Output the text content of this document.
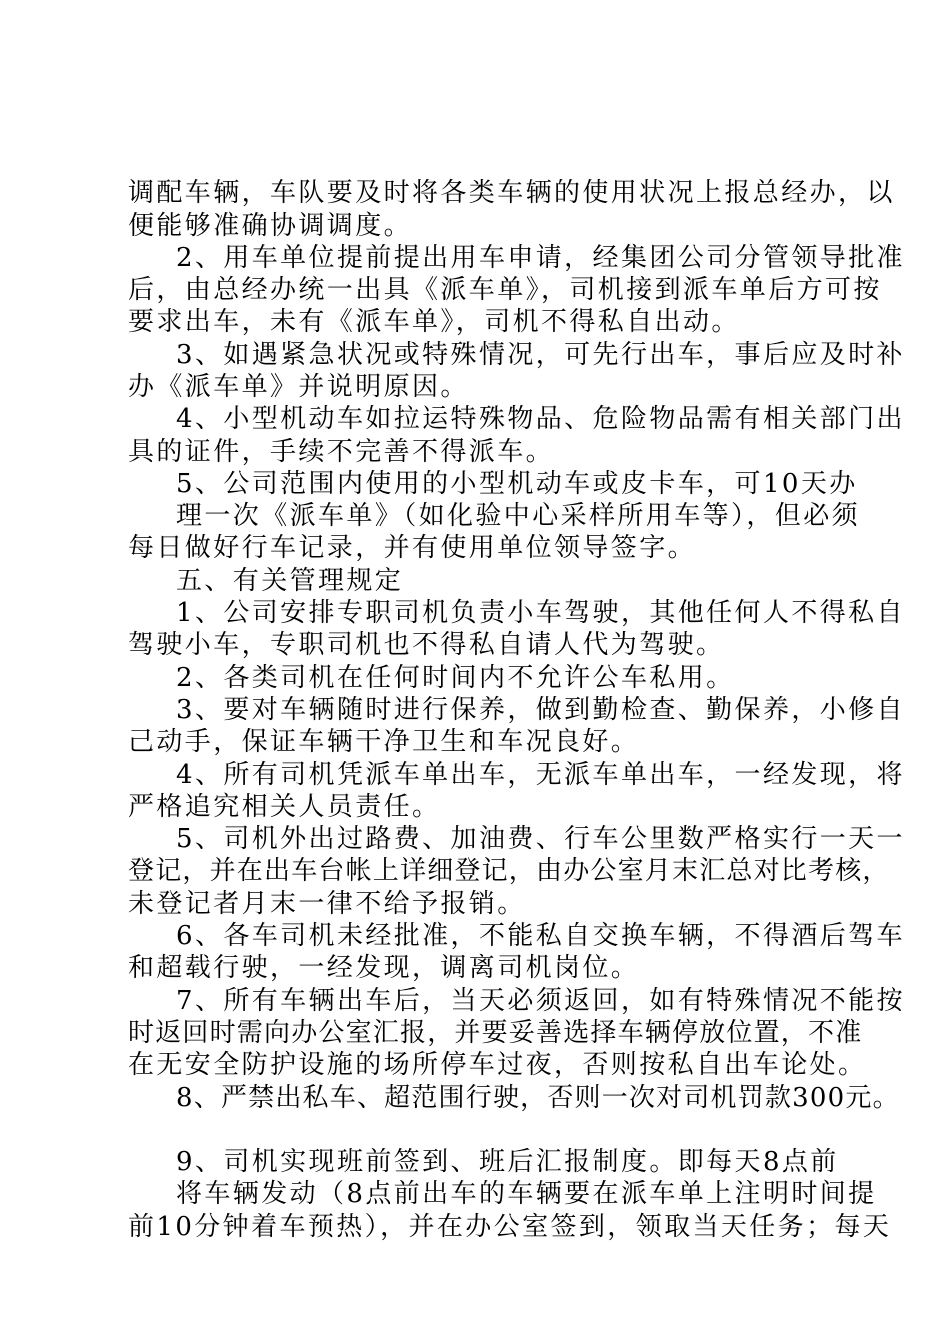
调配车辆，车队要及时将各类车辆的使用状况上报总经办，以
便能够准确协调调度。
2、用车单位提前提出用车申请，经集团公司分管领导批准
后，由总经办统一出具《派车单》，司机接到派车单后方可按
要求出车，未有《派车单》，司机不得私自出动。
3、如遇紧急状况或特殊情况，可先行出车，事后应及时补
办《派车单》并说明原因。
4、小型机动车如拉运特殊物品、危险物品需有相关部门出
具的证件，手续不完善不得派车。
5、公司范围内使用的小型机动车或皮卡车，可10天办
理一次《派车单》（如化验中心采样所用车等），但必须
每日做好行车记录，并有使用单位领导签字。
五、有关管理规定
1、公司安排专职司机负责小车驾驶，其他任何人不得私自
驾驶小车，专职司机也不得私自请人代为驾驶。
2、各类司机在任何时间内不允许公车私用。
3、要对车辆随时进行保养，做到勤检查、勤保养，小修自
己动手，保证车辆干净卫生和车况良好。
4、所有司机凭派车单出车，无派车单出车，一经发现，将
严格追究相关人员责任。
5、司机外出过路费、加油费、行车公里数严格实行一天一
登记，并在出车台帐上详细登记，由办公室月末汇总对比考核，
未登记者月末一律不给予报销。
6、各车司机未经批准，不能私自交换车辆，不得酒后驾车
和超载行驶，一经发现，调离司机岗位。
7、所有车辆出车后，当天必须返回，如有特殊情况不能按
时返回时需向办公室汇报，并要妥善选择车辆停放位置，不准
在无安全防护设施的场所停车过夜，否则按私自出车论处。
8、严禁出私车、超范围行驶，否则一次对司机罚款300元。
9、司机实现班前签到、班后汇报制度。即每天8点前
将车辆发动（8点前出车的车辆要在派车单上注明时间提
前10分钟着车预热），并在办公室签到，领取当天任务；每天
